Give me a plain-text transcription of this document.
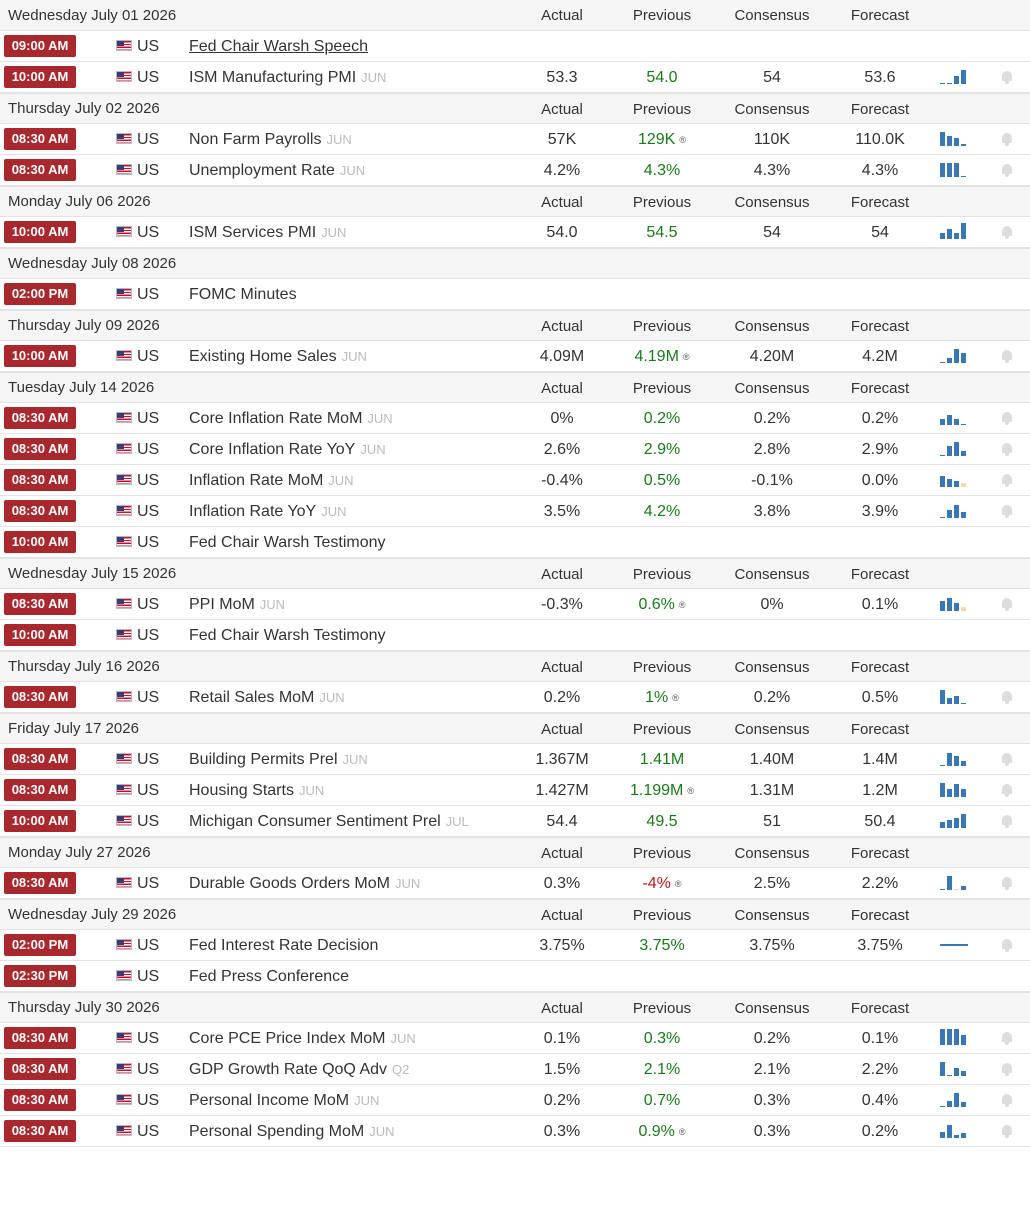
Wednesday July 01 2026	Actual	Previous	Consensus	Forecast
09:00 AM	US Fed Chair Warsh Speech
10:00 AM	US ISM Manufacturing PMI JUN	53.3	54.0	54	53.6
Thursday July 02 2026	Actual	Previous	Consensus	Forecast
08:30 AM	US Non Farm Payrolls JUN	57K	129K ®	110K	110.0K
08:30 AM	US Unemployment Rate JUN	4.2%	4.3%	4.3%	4.3%
Monday July 06 2026	Actual	Previous	Consensus	Forecast
10:00 AM	US ISM Services PMI JUN	54.0	54.5	54	54
Wednesday July 08 2026
02:00 PM	US FOMC Minutes
Thursday July 09 2026	Actual	Previous	Consensus	Forecast
10:00 AM	US Existing Home Sales JUN	4.09M	4.19M ®	4.20M	4.2M
Tuesday July 14 2026	Actual	Previous	Consensus	Forecast
08:30 AM	US Core Inflation Rate MoM JUN	0%	0.2%	0.2%	0.2%
08:30 AM	US Core Inflation Rate YoY JUN	2.6%	2.9%	2.8%	2.9%
08:30 AM	US Inflation Rate MoM JUN	-0.4%	0.5%	-0.1%	0.0%
08:30 AM	US Inflation Rate YoY JUN	3.5%	4.2%	3.8%	3.9%
10:00 AM	US Fed Chair Warsh Testimony
Wednesday July 15 2026	Actual	Previous	Consensus	Forecast
08:30 AM	US PPI MoM JUN	-0.3%	0.6% ®	0%	0.1%
10:00 AM	US Fed Chair Warsh Testimony
Thursday July 16 2026	Actual	Previous	Consensus	Forecast
08:30 AM	US Retail Sales MoM JUN	0.2%	1% ®	0.2%	0.5%
Friday July 17 2026	Actual	Previous	Consensus	Forecast
08:30 AM	US Building Permits Prel JUN	1.367M	1.41M	1.40M	1.4M
08:30 AM	US Housing Starts JUN	1.427M	1.199M ®	1.31M	1.2M
10:00 AM	US Michigan Consumer Sentiment Prel JUL	54.4	49.5	51	50.4
Monday July 27 2026	Actual	Previous	Consensus	Forecast
08:30 AM	US Durable Goods Orders MoM JUN	0.3%	-4% ®	2.5%	2.2%
Wednesday July 29 2026	Actual	Previous	Consensus	Forecast
02:00 PM	US Fed Interest Rate Decision	3.75%	3.75%	3.75%	3.75%
02:30 PM	US Fed Press Conference
Thursday July 30 2026	Actual	Previous	Consensus	Forecast
08:30 AM	US Core PCE Price Index MoM JUN	0.1%	0.3%	0.2%	0.1%
08:30 AM	US GDP Growth Rate QoQ Adv Q2	1.5%	2.1%	2.1%	2.2%
08:30 AM	US Personal Income MoM JUN	0.2%	0.7%	0.3%	0.4%
08:30 AM	US Personal Spending MoM JUN	0.3%	0.9% ®	0.3%	0.2%
